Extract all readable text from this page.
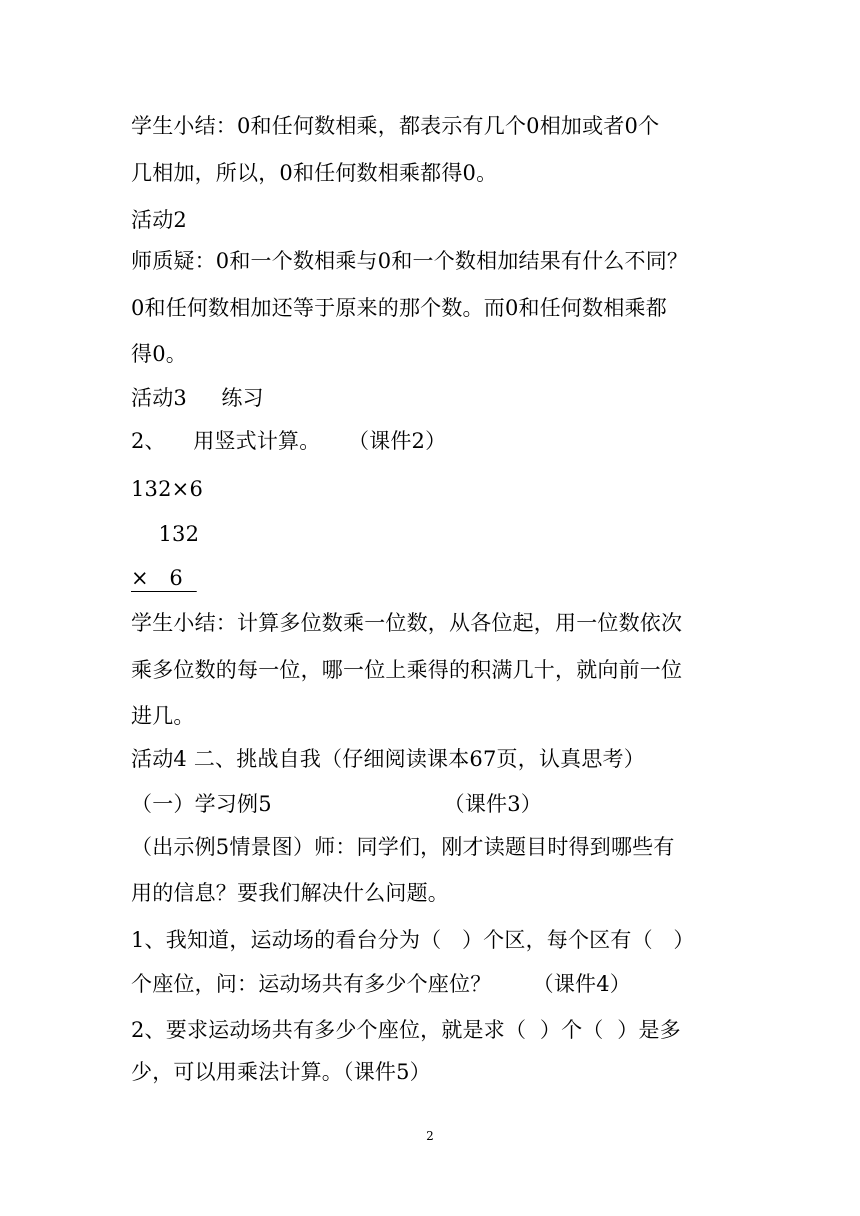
学生小结：0和任何数相乘，都表示有几个0相加或者0个
几相加，所以，0和任何数相乘都得0。
活动2
师质疑：0和一个数相乘与0和一个数相加结果有什么不同？
0和任何数相加还等于原来的那个数。而0和任何数相乘都
得0。
活动3     练习
2、    用竖式计算。    （课件2）
132×6
132
×   6
学生小结：计算多位数乘一位数，从各位起，用一位数依次
乘多位数的每一位，哪一位上乘得的积满几十，就向前一位
进几。
活动4 二、挑战自我（仔细阅读课本67页，认真思考）
（一）学习例5                         （课件3）
（出示例5情景图）师：同学们，刚才读题目时得到哪些有
用的信息？要我们解决什么问题。
1、我知道，运动场的看台分为（   ）个区，每个区有（   ）
个座位，问：运动场共有多少个座位？      （课件4）
2、要求运动场共有多少个座位，就是求（  ）个（  ）是多
少，可以用乘法计算。（课件5）
2
